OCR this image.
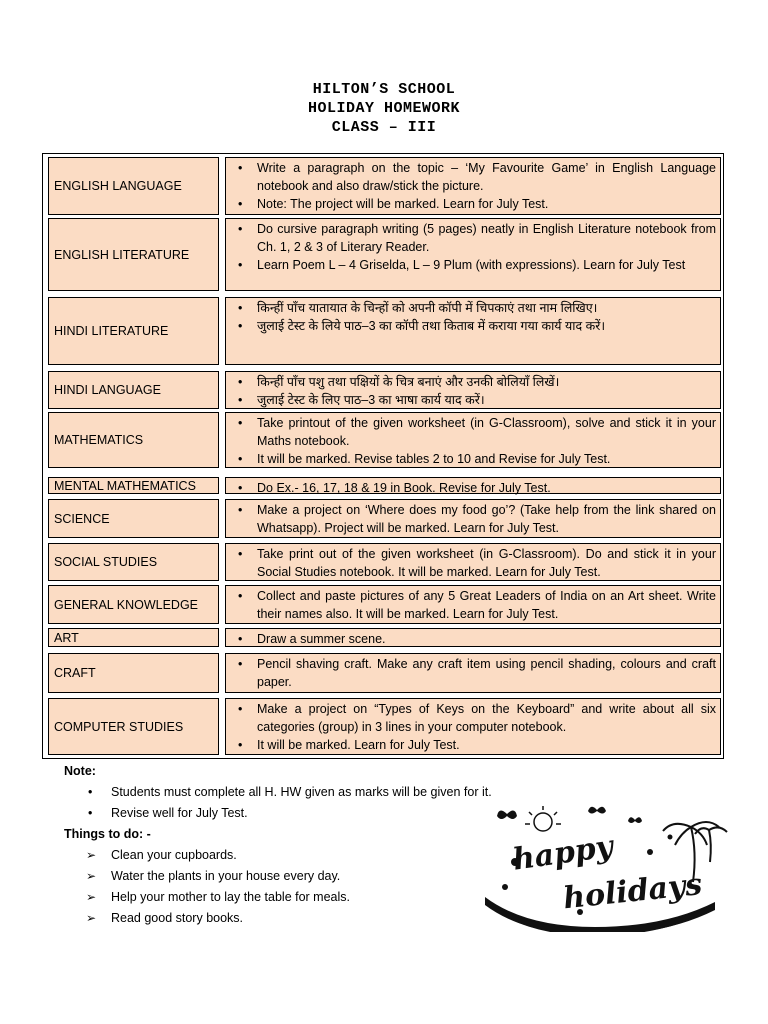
HILTON’S SCHOOL
HOLIDAY HOMEWORK
CLASS – III
ENGLISH LANGUAGE
• Write a paragraph on the topic – ‘My Favourite Game’ in English Language notebook and also draw/stick the picture.
• Note: The project will be marked. Learn for July Test.
ENGLISH LITERATURE
• Do cursive paragraph writing (5 pages) neatly in English Literature notebook from Ch. 1, 2 & 3 of Literary Reader.
• Learn Poem L – 4 Griselda, L – 9 Plum (with expressions). Learn for July Test
HINDI LITERATURE
• किन्हीं पाँच यातायात के चिन्हों को अपनी कॉपी में चिपकाएं तथा नाम लिखिए।
• जुलाई टेस्ट के लिये पाठ–3 का कॉपी तथा किताब में कराया गया कार्य याद करें।
HINDI LANGUAGE
• किन्हीं पाँच पशु तथा पक्षियों के चित्र बनाएं और उनकी बोलियाँ लिखें।
• जुलाई टेस्ट के लिए पाठ–3 का भाषा कार्य याद करें।
MATHEMATICS
• Take printout of the given worksheet (in G-Classroom), solve and stick it in your Maths notebook.
• It will be marked. Revise tables 2 to 10 and Revise for July Test.
MENTAL MATHEMATICS	• Do Ex.- 16, 17, 18 & 19 in Book. Revise for July Test.
SCIENCE
• Make a project on ‘Where does my food go’? (Take help from the link shared on Whatsapp). Project will be marked. Learn for July Test.
SOCIAL STUDIES
• Take print out of the given worksheet (in G-Classroom). Do and stick it in your Social Studies notebook. It will be marked. Learn for July Test.
GENERAL KNOWLEDGE
• Collect and paste pictures of any 5 Great Leaders of India on an Art sheet. Write their names also. It will be marked. Learn for July Test.
ART	• Draw a summer scene.
CRAFT
• Pencil shaving craft. Make any craft item using pencil shading, colours and craft paper.
COMPUTER STUDIES
• Make a project on “Types of Keys on the Keyboard” and write about all six categories (group) in 3 lines in your computer notebook.
• It will be marked. Learn for July Test.
Note:
• Students must complete all H. HW given as marks will be given for it.
• Revise well for July Test.
Things to do: -
➢ Clean your cupboards.
➢ Water the plants in your house every day.
➢ Help your mother to lay the table for meals.
➢ Read good story books.
happy
holidays
